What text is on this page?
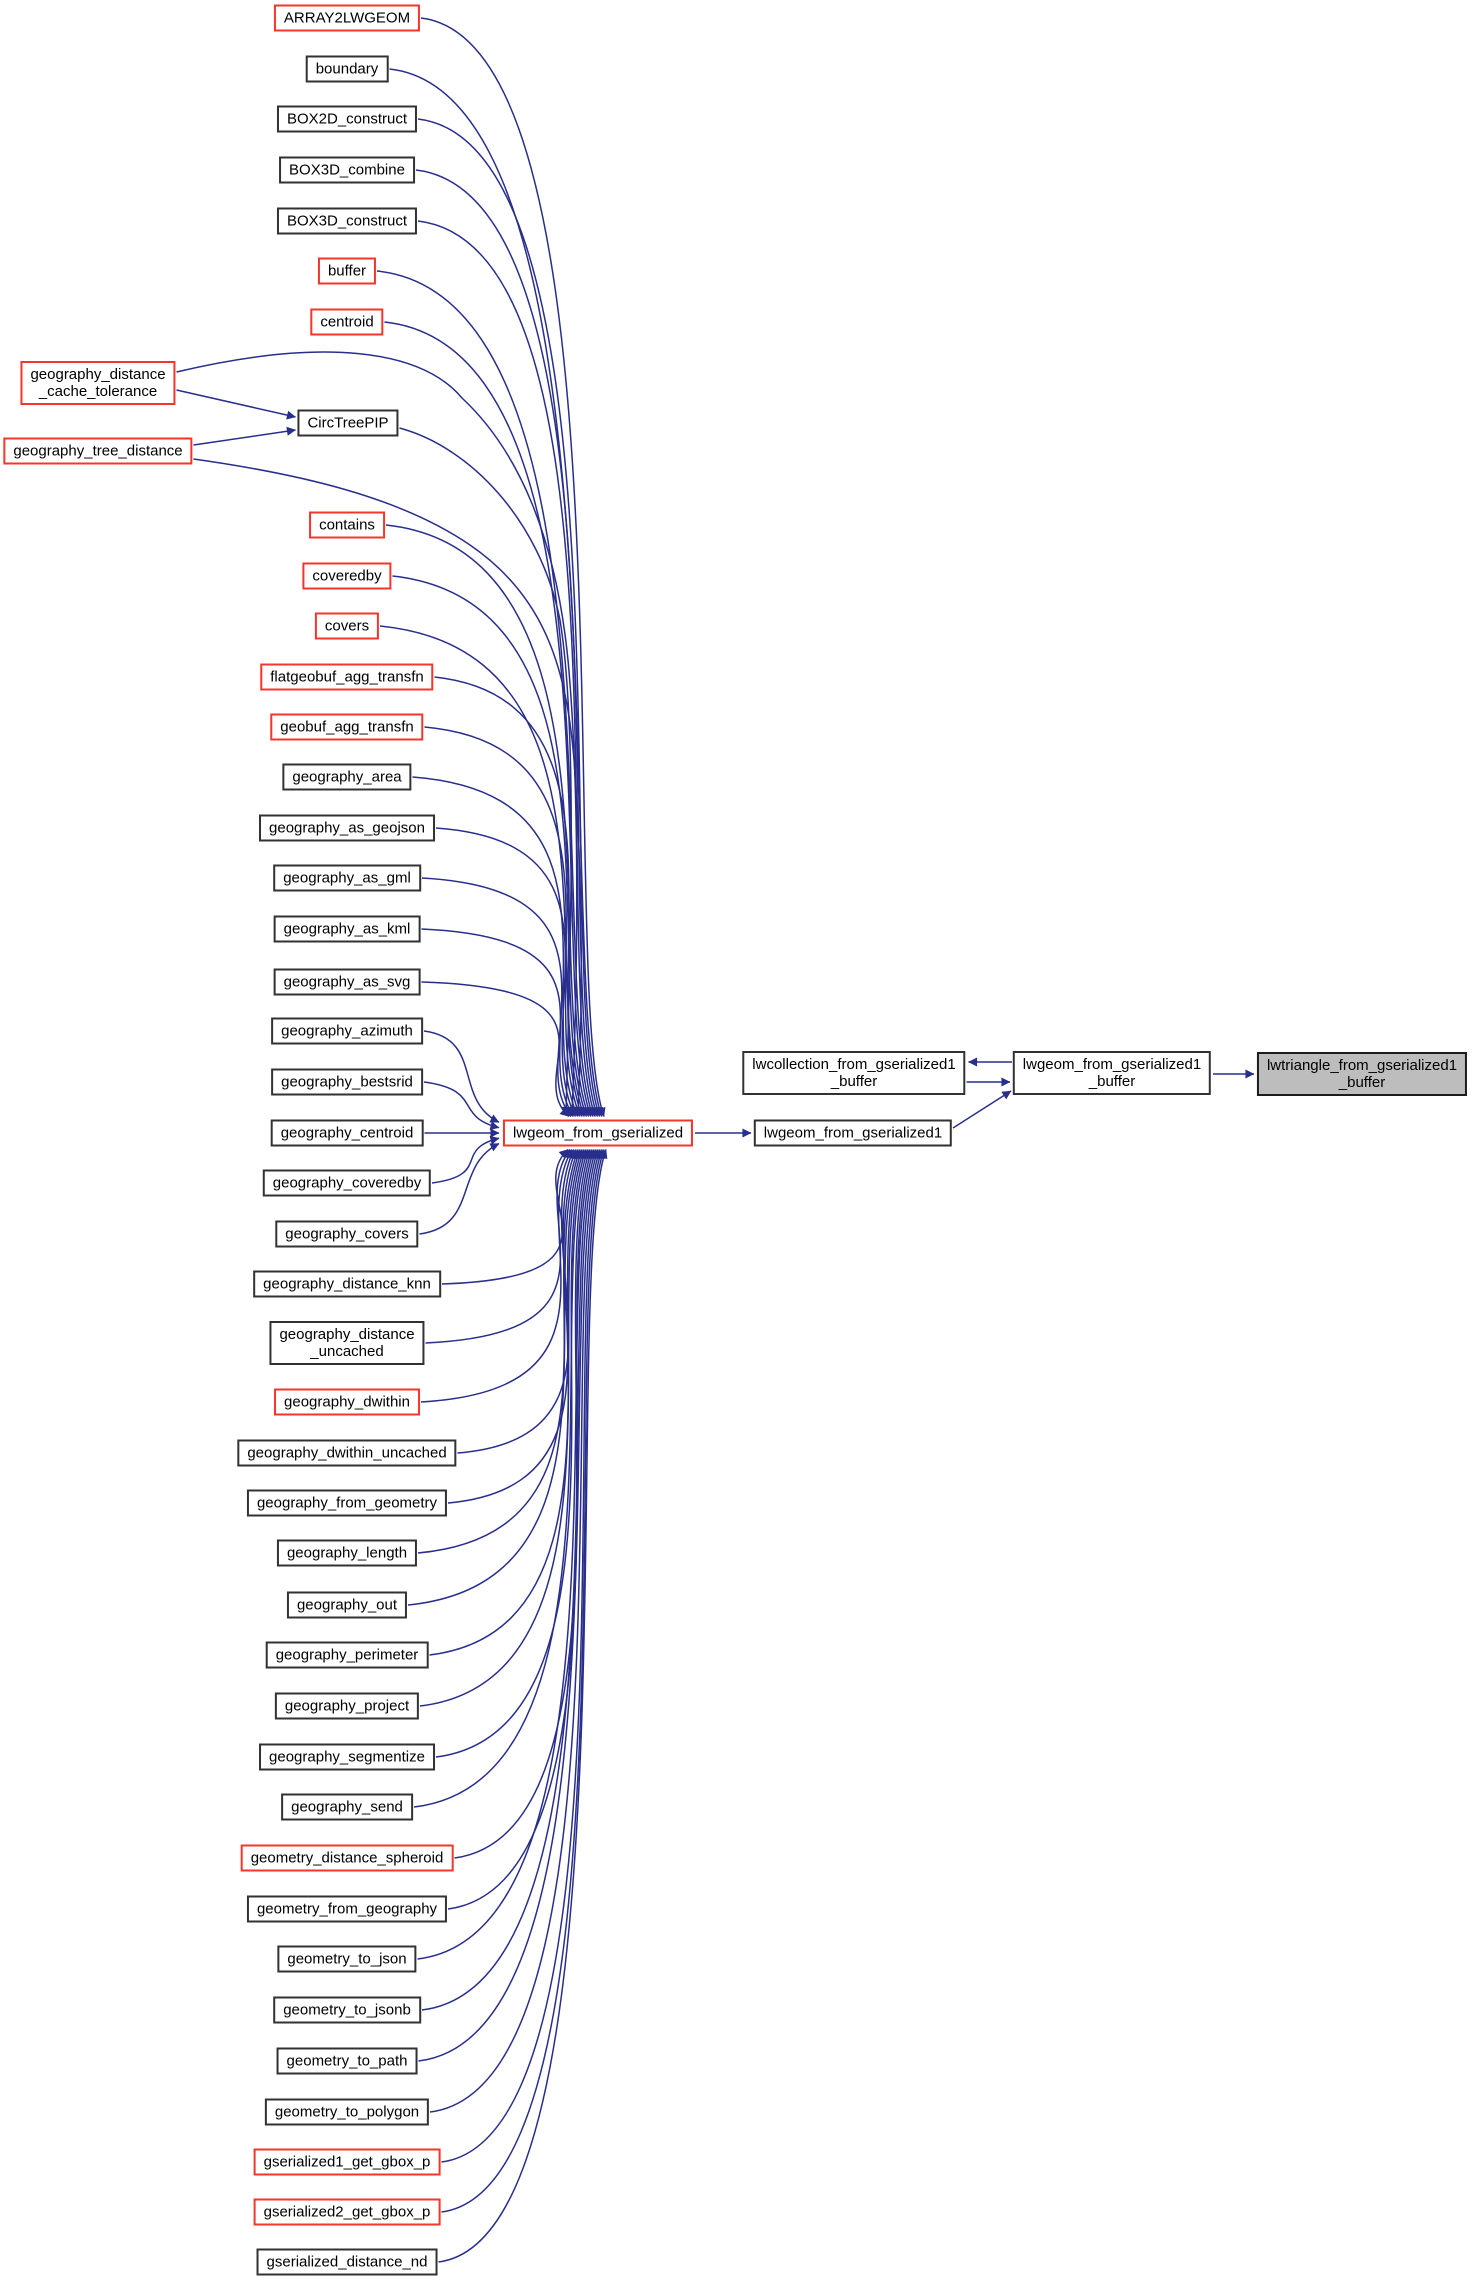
ARRAY2LWGEOM
boundary
BOX2D_construct
BOX3D_combine
BOX3D_construct
buffer
centroid
geography_distance
_cache_tolerance
CircTreePIP
geography_tree_distance
contains
coveredby
covers
flatgeobuf_agg_transfn
geobuf_agg_transfn
geography_area
geography_as_geojson
geography_as_gml
geography_as_kml
geography_as_svg
geography_azimuth
geography_bestsrid
geography_centroid
geography_coveredby
geography_covers
geography_distance_knn
geography_distance
_uncached
geography_dwithin
geography_dwithin_uncached
geography_from_geometry
geography_length
geography_out
geography_perimeter
geography_project
geography_segmentize
geography_send
geometry_distance_spheroid
geometry_from_geography
geometry_to_json
geometry_to_jsonb
geometry_to_path
geometry_to_polygon
gserialized1_get_gbox_p
gserialized2_get_gbox_p
gserialized_distance_nd
lwgeom_from_gserialized	lwgeom_from_gserialized1
lwcollection_from_gserialized1
_buffer
lwgeom_from_gserialized1
_buffer
lwtriangle_from_gserialized1
_buffer
